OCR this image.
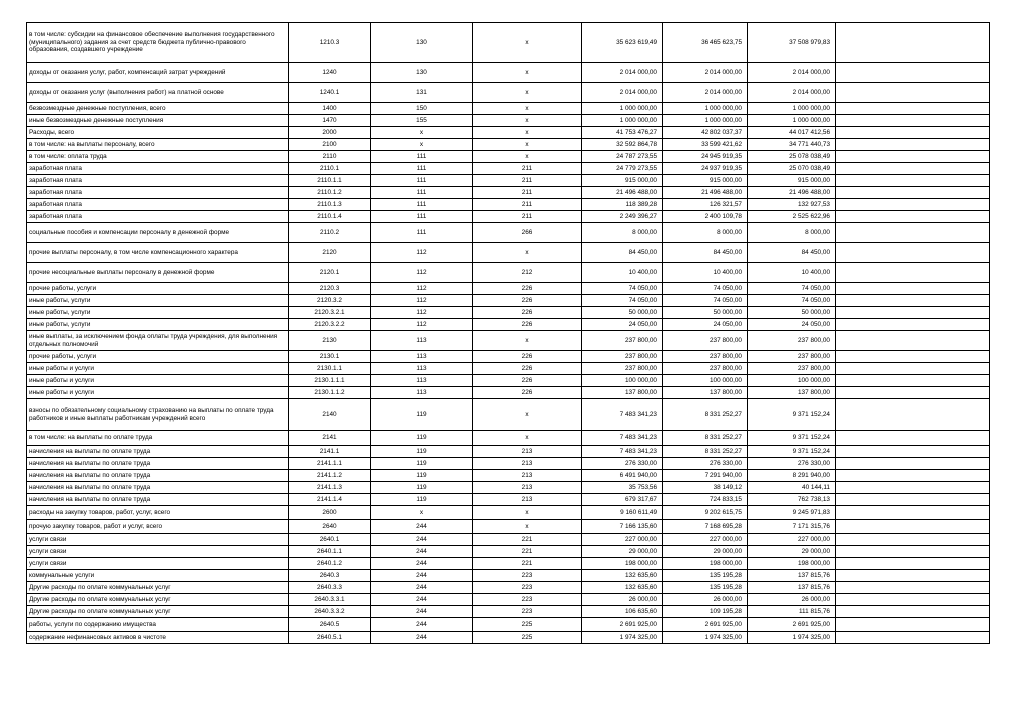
в том числе: субсидии на финансовое обеспечение выполнения государственного (муниципального) задания за счет средств бюджета публично-правового образования, создавшего учреждение	1210.3	130	x	35 623 619,49	36 465 623,75	37 508 979,83	
доходы от оказания услуг, работ, компенсаций затрат учреждений	1240	130	x	2 014 000,00	2 014 000,00	2 014 000,00	
доходы от оказания услуг (выполнения работ) на платной основе	1240.1	131	x	2 014 000,00	2 014 000,00	2 014 000,00	
безвозмездные денежные поступления, всего	1400	150	x	1 000 000,00	1 000 000,00	1 000 000,00	
иные безвозмездные денежные поступления	1470	155	x	1 000 000,00	1 000 000,00	1 000 000,00	
Расходы, всего	2000	x	x	41 753 476,27	42 802 037,37	44 017 412,56	
в том числе: на выплаты персоналу, всего	2100	x	x	32 592 864,78	33 599 421,62	34 771 440,73	
в том числе: оплата труда	2110	111	x	24 787 273,55	24 945 919,35	25 078 038,49	
заработная плата	2110.1	111	211	24 779 273,55	24 937 919,35	25 070 038,49	
заработная плата	2110.1.1	111	211	915 000,00	915 000,00	915 000,00	
заработная плата	2110.1.2	111	211	21 496 488,00	21 496 488,00	21 496 488,00	
заработная плата	2110.1.3	111	211	118 389,28	126 321,57	132 927,53	
заработная плата	2110.1.4	111	211	2 249 396,27	2 400 109,78	2 525 622,96	
социальные пособия и компенсации персоналу в денежной форме	2110.2	111	266	8 000,00	8 000,00	8 000,00	
прочие выплаты персоналу, в том числе компенсационного характера	2120	112	x	84 450,00	84 450,00	84 450,00	
прочие несоциальные выплаты персоналу в денежной форме	2120.1	112	212	10 400,00	10 400,00	10 400,00	
прочие работы, услуги	2120.3	112	226	74 050,00	74 050,00	74 050,00	
иные работы, услуги	2120.3.2	112	226	74 050,00	74 050,00	74 050,00	
иные работы, услуги	2120.3.2.1	112	226	50 000,00	50 000,00	50 000,00	
иные работы, услуги	2120.3.2.2	112	226	24 050,00	24 050,00	24 050,00	
иные выплаты, за исключением фонда оплаты труда учреждения, для выполнения отдельных полномочий	2130	113	x	237 800,00	237 800,00	237 800,00	
прочие работы, услуги	2130.1	113	226	237 800,00	237 800,00	237 800,00	
иные работы и услуги	2130.1.1	113	226	237 800,00	237 800,00	237 800,00	
иные работы и услуги	2130.1.1.1	113	226	100 000,00	100 000,00	100 000,00	
иные работы и услуги	2130.1.1.2	113	226	137 800,00	137 800,00	137 800,00	
взносы по обязательному социальному страхованию на выплаты по оплате труда работников и иные выплаты работникам учреждений всего	2140	119	x	7 483 341,23	8 331 252,27	9 371 152,24	
в том числе: на выплаты по оплате труда	2141	119	x	7 483 341,23	8 331 252,27	9 371 152,24	
начисления на выплаты по оплате труда	2141.1	119	213	7 483 341,23	8 331 252,27	9 371 152,24	
начисления на выплаты по оплате труда	2141.1.1	119	213	276 330,00	276 330,00	276 330,00	
начисления на выплаты по оплате труда	2141.1.2	119	213	6 491 940,00	7 291 940,00	8 291 940,00	
начисления на выплаты по оплате труда	2141.1.3	119	213	35 753,56	38 149,12	40 144,11	
начисления на выплаты по оплате труда	2141.1.4	119	213	679 317,67	724 833,15	762 738,13	
расходы на закупку товаров, работ, услуг, всего	2600	x	x	9 160 611,49	9 202 615,75	9 245 971,83	
прочую закупку товаров, работ и услуг, всего	2640	244	x	7 166 135,60	7 168 695,28	7 171 315,76	
услуги связи	2640.1	244	221	227 000,00	227 000,00	227 000,00	
услуги связи	2640.1.1	244	221	29 000,00	29 000,00	29 000,00	
услуги связи	2640.1.2	244	221	198 000,00	198 000,00	198 000,00	
коммунальные услуги	2640.3	244	223	132 635,60	135 195,28	137 815,76	
Другие расходы по оплате коммунальных услуг	2640.3.3	244	223	132 635,60	135 195,28	137 815,76	
Другие расходы по оплате коммунальных услуг	2640.3.3.1	244	223	26 000,00	26 000,00	26 000,00	
Другие расходы по оплате коммунальных услуг	2640.3.3.2	244	223	106 635,60	109 195,28	111 815,76	
работы, услуги по содержанию имущества	2640.5	244	225	2 691 925,00	2 691 925,00	2 691 925,00	
содержание нефинансовых активов в чистоте	2640.5.1	244	225	1 974 325,00	1 974 325,00	1 974 325,00	
